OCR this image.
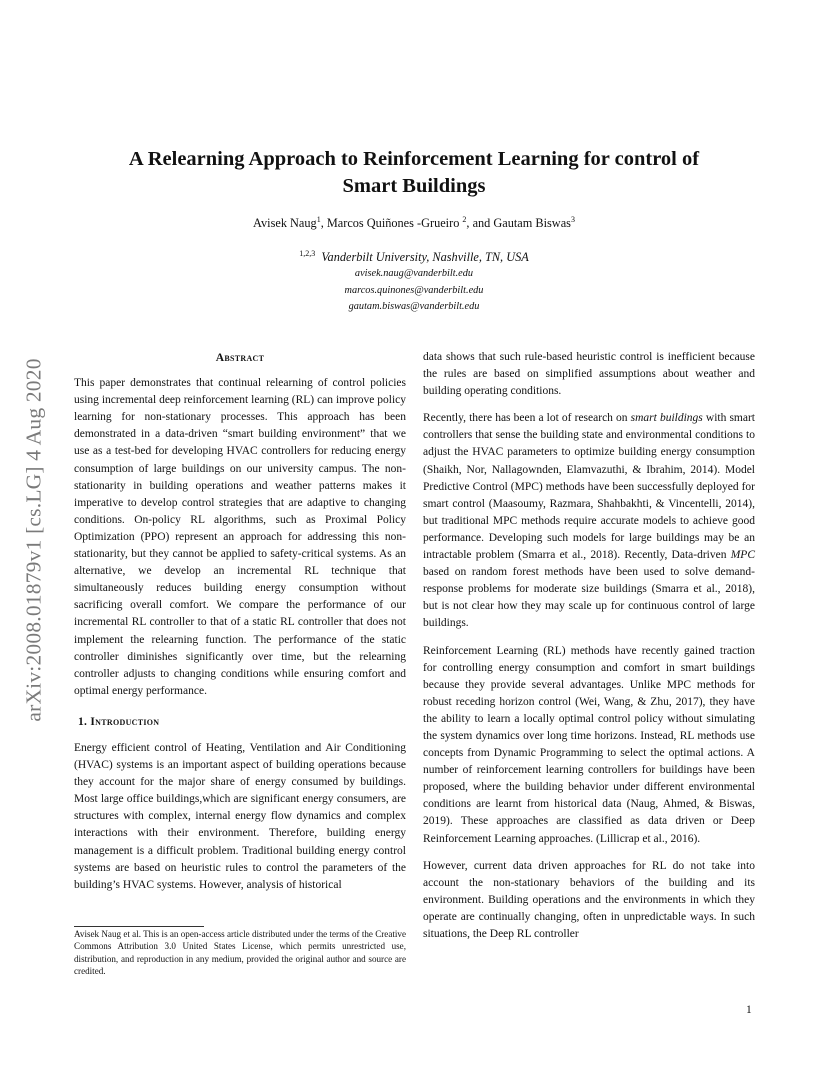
arXiv:2008.01879v1 [cs.LG] 4 Aug 2020
A Relearning Approach to Reinforcement Learning for control of
Smart Buildings
Avisek Naug$^1$, Marcos Quiñones -Grueiro $^2$, and Gautam Biswas$^3$
$^{1,2,3}$ Vanderbilt University, Nashville, TN, USA
avisek.naug@vanderbilt.edu
marcos.quinones@vanderbilt.edu
gautam.biswas@vanderbilt.edu
Abstract

This paper demonstrates that continual relearning of control policies using incremental deep reinforcement learning (RL) can improve policy learning for non-stationary processes. This approach has been demonstrated in a data-driven “smart building environment” that we use as a test-bed for developing HVAC controllers for reducing energy consumption of large buildings on our university campus. The non-stationarity in building operations and weather patterns makes it imperative to develop control strategies that are adaptive to changing conditions. On-policy RL algorithms, such as Proximal Policy Optimization (PPO) represent an approach for addressing this non-stationarity, but they cannot be applied to safety-critical systems. As an alternative, we develop an incremental RL technique that simultaneously reduces building energy consumption without sacrificing overall comfort. We compare the performance of our incremental RL controller to that of a static RL controller that does not implement the relearning function. The performance of the static controller diminishes significantly over time, but the relearning controller adjusts to changing conditions while ensuring comfort and optimal energy performance.

1. Introduction

Energy efficient control of Heating, Ventilation and Air Conditioning (HVAC) systems is an important aspect of building operations because they account for the major share of energy consumed by buildings. Most large office buildings,which are significant energy consumers, are structures with complex, internal energy flow dynamics and complex interactions with their environment. Therefore, building energy management is a difficult problem. Traditional building energy control systems are based on heuristic rules to control the parameters of the building’s HVAC systems. However, analysis of historical

Avisek Naug et al. This is an open-access article distributed under the terms of the Creative Commons Attribution 3.0 United States License, which permits unrestricted use, distribution, and reproduction in any medium, provided the original author and source are credited.

data shows that such rule-based heuristic control is inefficient because the rules are based on simplified assumptions about weather and building operating conditions.

Recently, there has been a lot of research on smart buildings with smart controllers that sense the building state and environmental conditions to adjust the HVAC parameters to optimize building energy consumption (Shaikh, Nor, Nallagownden, Elamvazuthi, & Ibrahim, 2014). Model Predictive Control (MPC) methods have been successfully deployed for smart control (Maasoumy, Razmara, Shahbakhti, & Vincentelli, 2014), but traditional MPC methods require accurate models to achieve good performance. Developing such models for large buildings may be an intractable problem (Smarra et al., 2018). Recently, Data-driven MPC based on random forest methods have been used to solve demand-response problems for moderate size buildings (Smarra et al., 2018), but is not clear how they may scale up for continuous control of large buildings.

Reinforcement Learning (RL) methods have recently gained traction for controlling energy consumption and comfort in smart buildings because they provide several advantages. Unlike MPC methods for robust receding horizon control (Wei, Wang, & Zhu, 2017), they have the ability to learn a locally optimal control policy without simulating the system dynamics over long time horizons. Instead, RL methods use concepts from Dynamic Programming to select the optimal actions. A number of reinforcement learning controllers for buildings have been proposed, where the building behavior under different environmental conditions are learnt from historical data (Naug, Ahmed, & Biswas, 2019). These approaches are classified as data driven or Deep Reinforcement Learning approaches. (Lillicrap et al., 2016).

However, current data driven approaches for RL do not take into account the non-stationary behaviors of the building and its environment. Building operations and the environments in which they operate are continually changing, often in unpredictable ways. In such situations, the Deep RL controller

1
